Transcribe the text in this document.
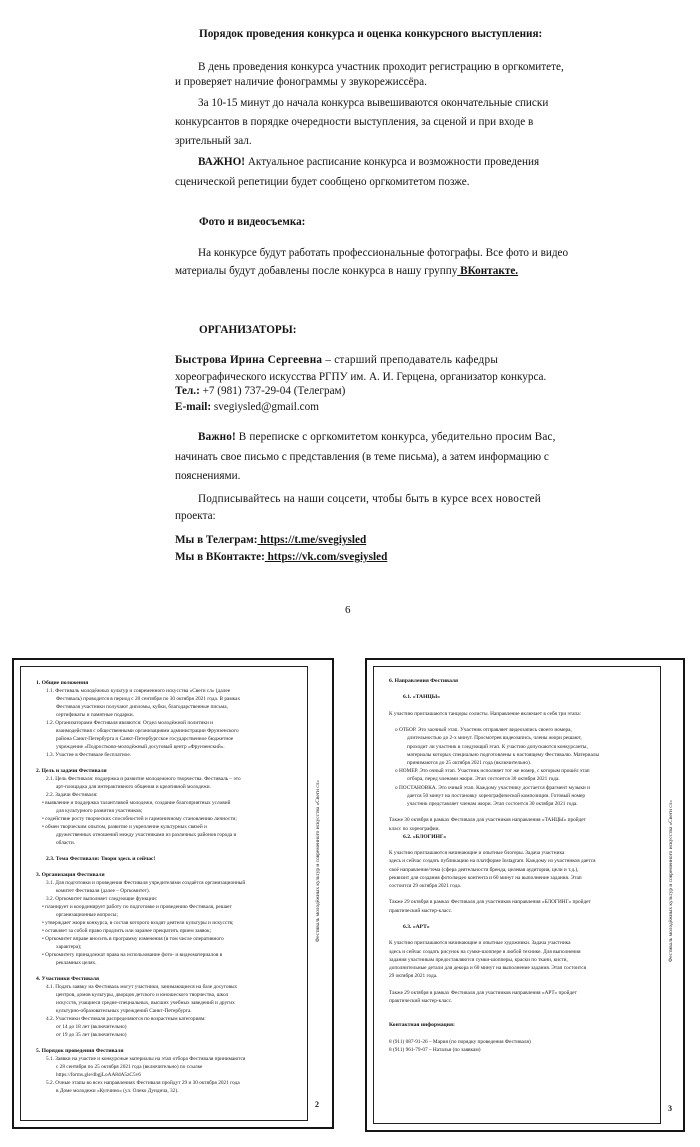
Порядок проведения конкурса и оценка конкурсного выступления:
В день проведения конкурса участник проходит регистрацию в оргкомитете,
и проверяет наличие фонограммы у звукорежиссёра.
За 10-15 минут до начала конкурса вывешиваются окончательные списки
конкурсантов в порядке очередности выступления, за сценой и при входе в
зрительный зал.
ВАЖНО! Актуальное расписание конкурса и возможности проведения
сценической репетиции будет сообщено оргкомитетом позже.
Фото и видеосъемка:
На конкурсе будут работать профессиональные фотографы. Все фото и видео
материалы будут добавлены после конкурса в нашу группу ВКонтакте.
ОРГАНИЗАТОРЫ:
Быстрова Ирина Сергеевна – старший преподаватель кафедры
хореографического искусства РГПУ им. А. И. Герцена, организатор конкурса.
Тел.: +7 (981) 737-29-04 (Телеграм)
E-mail: svegiysled@gmail.com
Важно! В переписке с оргкомитетом конкурса, убедительно просим Вас,
начинать свое письмо с представления (в теме письма), а затем информацию с
пояснениями.
Подписывайтесь на наши соцсети, чтобы быть в курсе всех новостей
проекта:
Мы в Телеграм: https://t.me/svegiysled
Мы в ВКонтакте: https://vk.com/svegiysled
6
1. Общие положения
1.1. Фестиваль молодёжных культур и современного искусства «Свеги сл» (далее
Фестиваль) проводится в период с 20 сентября по 30 октября 2021 года. В рамках
Фестиваля участники получают дипломы, кубки, благодарственные письма,
сертификаты и памятные подарки.
1.2. Организаторами Фестиваля являются: Отдел молодёжной политики и
взаимодействия с общественными организациями администрации Фрунзенского
района Санкт-Петербурга и Санкт-Петербургское государственное бюджетное
учреждение «Подростково-молодёжный досуговый центр «Фрунзенский».
1.3. Участие в Фестивале бесплатное.
2. Цель и задачи Фестиваля
2.1. Цель Фестиваля: поддержка и развитие молодежного творчества. Фестиваль – это
арт-площадка для интерактивного общения и креативной молодежи.
2.2. Задачи Фестиваля:
• выявление и поддержка талантливой молодежи, создание благоприятных условий
для культурного развития участников;
• содействие росту творческих способностей и гармоничному становлению личности;
• обмен творческим опытом, развитие и укрепление культурных связей и
дружественных отношений между участниками из различных районов города и
области.
2.3. Тема Фестиваля: Твори здесь и сейчас!
3. Организация Фестиваля
3.1. Для подготовки и проведения Фестиваля учредителями создаётся организационный
комитет Фестиваля (далее – Оргкомитет).
3.2. Оргкомитет выполняет следующие функции:
• планирует и координирует работу по подготовке и проведению Фестиваля, решает
организационные вопросы;
• утверждает жюри конкурса, в состав которого входят деятели культуры и искусств;
• оставляет за собой право продлить или заранее прекратить прием заявок;
• Оргкомитет вправе вносить в программу изменения (в том числе оперативного
характера);
• Оргкомитету принадлежат права на использование фото- и видеоматериалов в
рекламных целях.
4. Участники Фестиваля
4.1. Подать заявку на Фестиваль могут участники, занимающиеся на базе досуговых
центров, домов культуры, дворцов детского и юношеского творчества, школ
искусств, учащиеся средне-специальных, высших учебных заведений и других
культурно-образовательных учреждений Санкт-Петербурга.
4.2. Участники Фестиваля распределяются по возрастным категориям:
от 14 до 18 лет (включительно)
от 19 до 35 лет (включительно)
5. Порядок проведения Фестиваля
5.1. Заявки на участие и конкурсные материалы на этап отбора Фестиваля принимаются
с 28 сентября по 25 октября 2021 года (включительно) по ссылке
https://forms.gle/dbgjLoAA8dA5zC5v6
5.2. Очные этапы во всех направлениях Фестиваля пройдут 29 и 30 октября 2021 года
в Доме молодежи «Купчино» (ул. Олеко Дундича, 32).
Фестиваль молодёжных культур и современного искусства «Свеги сл»
2
6. Направления Фестиваля
6.1. «ТАНЦЫ»
К участию приглашаются танцоры солисты. Направление включает в себя три этапа:
o ОТБОР. Это заочный этап. Участник отправляет видеозапись своего номера,
длительностью до 2-х минут. Просмотрев видеозапись, члены жюри решают,
проходит ли участник в следующий этап. К участию допускаются конкурсанты,
материалы которых специально подготовлены к настоящему Фестивалю. Материалы
принимаются до 25 октября 2021 года (включительно).
o НОМЕР. Это очный этап. Участник исполняет тот же номер, с которым прошёл этап
отбора, перед членами жюри. Этап состоится 30 октября 2021 года.
o ПОСТАНОВКА. Это очный этап. Каждому участнику достается фрагмент музыки и
дается 50 минут на постановку хореографической композиции. Готовый номер
участник представляет членам жюри. Этап состоится 30 октября 2021 года.
Также 30 октября в рамках Фестиваля для участников направления «ТАНЦЫ» пройдет
класс по хореографии.
6.2. «БЛОГИНГ»
К участию приглашаются начинающие и опытные блогеры. Задача участника
здесь и сейчас создать публикацию на платформе Instagram. Каждому из участников дается
своё направление/тема (сфера деятельности бренда, целевая аудитория, цели и т.д.),
реквизит для создания фото/видео контента и 60 минут на выполнение задания. Этап
состоится 29 октября 2021 года.
Также 29 октября в рамках Фестиваля для участников направления «БЛОГИНГ» пройдет
практический мастер-класс.
6.3. «АРТ»
К участию приглашаются начинающие и опытные художники. Задача участника
здесь и сейчас создать рисунок на сумке-шоппере в любой технике. Для выполнения
задания участникам предоставляются сумки-шопперы, краски по ткани, кисти,
дополнительные детали для декора и 60 минут на выполнение задания. Этап состоится
29 октября 2021 года.
Также 29 октября в рамках Фестиваля для участников направления «АРТ» пройдет
практический мастер-класс.
Контактная информация:
8 (911) 087-91-26 – Мария (по порядку проведения Фестиваля)
8 (911) 961-79-07 – Наталья (по заявкам)
Фестиваль молодёжных культур и современного искусства «Свеги сл»
3
